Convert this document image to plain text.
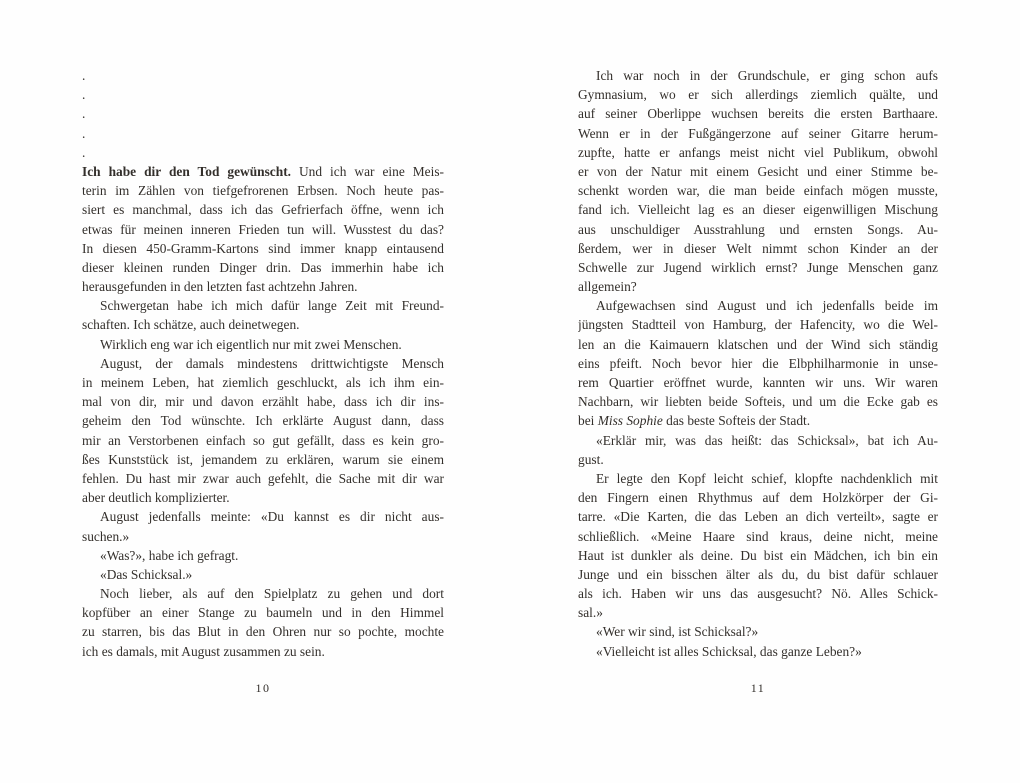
.
.
.
.
.
Ich habe dir den Tod gewünscht. Und ich war eine Meis-
terin im Zählen von tiefgefrorenen Erbsen. Noch heute pas-
siert es manchmal, dass ich das Gefrierfach öffne, wenn ich
etwas für meinen inneren Frieden tun will. Wusstest du das?
In diesen 450-Gramm-Kartons sind immer knapp eintausend
dieser kleinen runden Dinger drin. Das immerhin habe ich
herausgefunden in den letzten fast achtzehn Jahren.
Schwergetan habe ich mich dafür lange Zeit mit Freund-
schaften. Ich schätze, auch deinetwegen.
Wirklich eng war ich eigentlich nur mit zwei Menschen.
August, der damals mindestens drittwichtigste Mensch
in meinem Leben, hat ziemlich geschluckt, als ich ihm ein-
mal von dir, mir und davon erzählt habe, dass ich dir ins-
geheim den Tod wünschte. Ich erklärte August dann, dass
mir an Verstorbenen einfach so gut gefällt, dass es kein gro-
ßes Kunststück ist, jemandem zu erklären, warum sie einem
fehlen. Du hast mir zwar auch gefehlt, die Sache mit dir war
aber deutlich komplizierter.
August jedenfalls meinte: «Du kannst es dir nicht aus-
suchen.»
«Was?», habe ich gefragt.
«Das Schicksal.»
Noch lieber, als auf den Spielplatz zu gehen und dort
kopfüber an einer Stange zu baumeln und in den Himmel
zu starren, bis das Blut in den Ohren nur so pochte, mochte
ich es damals, mit August zusammen zu sein.
Ich war noch in der Grundschule, er ging schon aufs
Gymnasium, wo er sich allerdings ziemlich quälte, und
auf seiner Oberlippe wuchsen bereits die ersten Barthaare.
Wenn er in der Fußgängerzone auf seiner Gitarre herum-
zupfte, hatte er anfangs meist nicht viel Publikum, obwohl
er von der Natur mit einem Gesicht und einer Stimme be-
schenkt worden war, die man beide einfach mögen musste,
fand ich. Vielleicht lag es an dieser eigenwilligen Mischung
aus unschuldiger Ausstrahlung und ernsten Songs. Au-
ßerdem, wer in dieser Welt nimmt schon Kinder an der
Schwelle zur Jugend wirklich ernst? Junge Menschen ganz
allgemein?
Aufgewachsen sind August und ich jedenfalls beide im
jüngsten Stadtteil von Hamburg, der Hafencity, wo die Wel-
len an die Kaimauern klatschen und der Wind sich ständig
eins pfeift. Noch bevor hier die Elbphilharmonie in unse-
rem Quartier eröffnet wurde, kannten wir uns. Wir waren
Nachbarn, wir liebten beide Softeis, und um die Ecke gab es
bei Miss Sophie das beste Softeis der Stadt.
«Erklär mir, was das heißt: das Schicksal», bat ich Au-
gust.
Er legte den Kopf leicht schief, klopfte nachdenklich mit
den Fingern einen Rhythmus auf dem Holzkörper der Gi-
tarre. «Die Karten, die das Leben an dich verteilt», sagte er
schließlich. «Meine Haare sind kraus, deine nicht, meine
Haut ist dunkler als deine. Du bist ein Mädchen, ich bin ein
Junge und ein bisschen älter als du, du bist dafür schlauer
als ich. Haben wir uns das ausgesucht? Nö. Alles Schick-
sal.»
«Wer wir sind, ist Schicksal?»
«Vielleicht ist alles Schicksal, das ganze Leben?»
10	11
